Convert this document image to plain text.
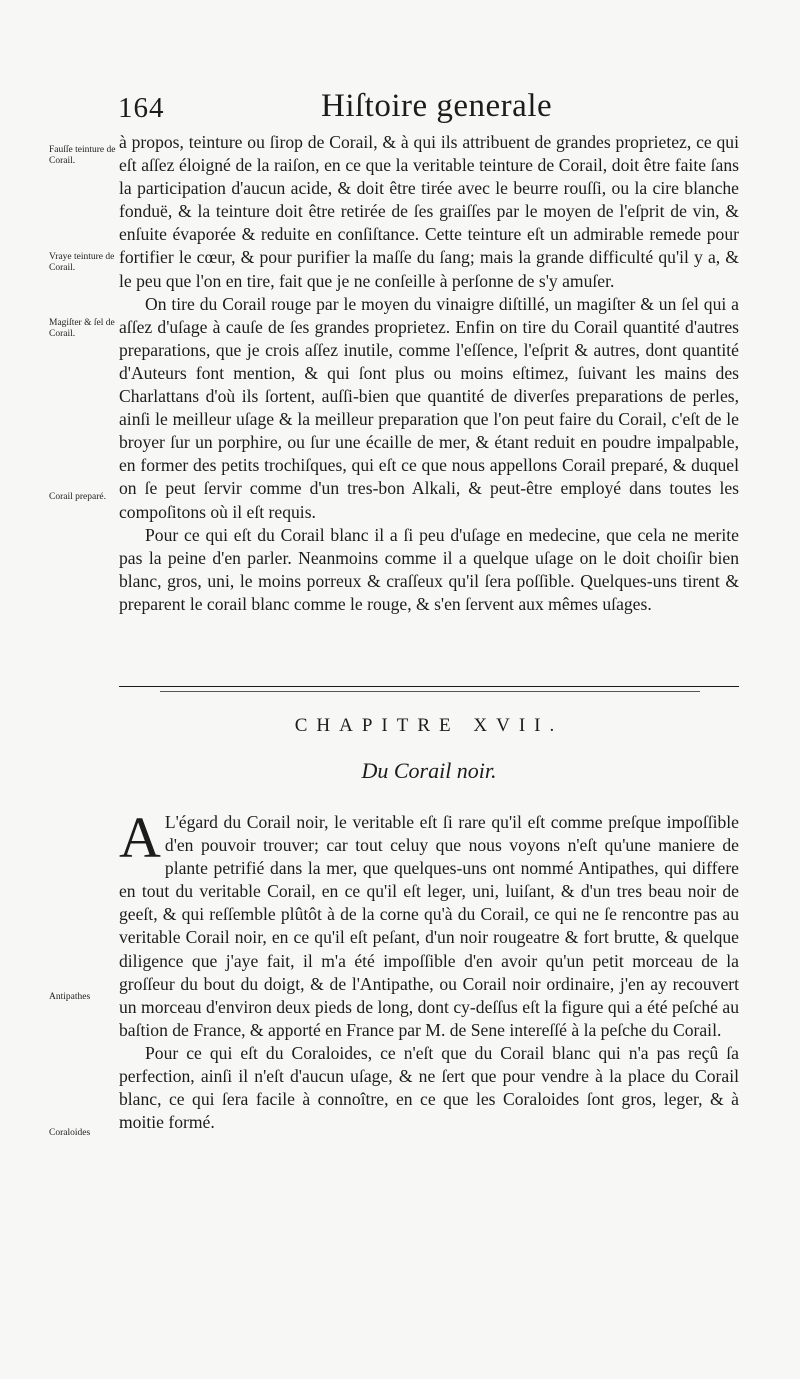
164	Hiſtoire generale
Fauſſe teinture de Corail.
Vraye teinture de Corail.
Magiſter & ſel de Corail.
Corail preparé.
Antipathes
Coraloides

à propos, teinture ou ſirop de Corail, & à qui ils attribuent de grandes proprietez, ce qui eſt aſſez éloigné de la raiſon, en ce que la veritable teinture de Corail, doit être faite ſans la participation d'aucun acide, & doit être tirée avec le beurre rouſſi, ou la cire blanche fonduë, & la teinture doit être retirée de ſes graiſſes par le moyen de l'eſprit de vin, & enſuite évaporée & reduite en conſiſtance. Cette teinture eſt un admirable remede pour fortifier le cœur, & pour purifier la maſſe du ſang; mais la grande difficulté qu'il y a, & le peu que l'on en tire, fait que je ne conſeille à perſonne de s'y amuſer.

On tire du Corail rouge par le moyen du vinaigre diſtillé, un magiſter & un ſel qui a aſſez d'uſage à cauſe de ſes grandes proprietez. Enfin on tire du Corail quantité d'autres preparations, que je crois aſſez inutile, comme l'eſſence, l'eſprit & autres, dont quantité d'Auteurs font mention, & qui ſont plus ou moins eſtimez, ſuivant les mains des Charlattans d'où ils ſortent, auſſi-bien que quantité de diverſes preparations de perles, ainſi le meilleur uſage & la meilleur preparation que l'on peut faire du Corail, c'eſt de le broyer ſur un porphire, ou ſur une écaille de mer, & étant reduit en poudre impalpable, en former des petits trochiſques, qui eſt ce que nous appellons Corail preparé, & duquel on ſe peut ſervir comme d'un tres-bon Alkali, & peut-être employé dans toutes les compoſitons où il eſt requis.

Pour ce qui eſt du Corail blanc il a ſi peu d'uſage en medecine, que cela ne merite pas la peine d'en parler. Neanmoins comme il a quelque uſage on le doit choiſir bien blanc, gros, uni, le moins porreux & craſſeux qu'il ſera poſſible. Quelques-uns tirent & preparent le corail blanc comme le rouge, & s'en ſervent aux mêmes uſages.

CHAPITRE XVII.
Du Corail noir.

A L'égard du Corail noir, le veritable eſt ſi rare qu'il eſt comme preſque impoſſible d'en pouvoir trouver; car tout celuy que nous voyons n'eſt qu'une maniere de plante petrifié dans la mer, que quelques-uns ont nommé Antipathes, qui differe en tout du veritable Corail, en ce qu'il eſt leger, uni, luiſant, & d'un tres beau noir de geeſt, & qui reſſemble plûtôt à de la corne qu'à du Corail, ce qui ne ſe rencontre pas au veritable Corail noir, en ce qu'il eſt peſant, d'un noir rougeatre & fort brutte, & quelque diligence que j'aye fait, il m'a été impoſſible d'en avoir qu'un petit morceau de la groſſeur du bout du doigt, & de l'Antipathe, ou Corail noir ordinaire, j'en ay recouvert un morceau d'environ deux pieds de long, dont cy-deſſus eſt la figure qui a été peſché au baſtion de France, & apporté en France par M. de Sene intereſſé à la peſche du Corail.

Pour ce qui eſt du Coraloides, ce n'eſt que du Corail blanc qui n'a pas reçû ſa perfection, ainſi il n'eſt d'aucun uſage, & ne ſert que pour vendre à la place du Corail blanc, ce qui ſera facile à connoître, en ce que les Coraloides ſont gros, leger, & à moitie formé.
